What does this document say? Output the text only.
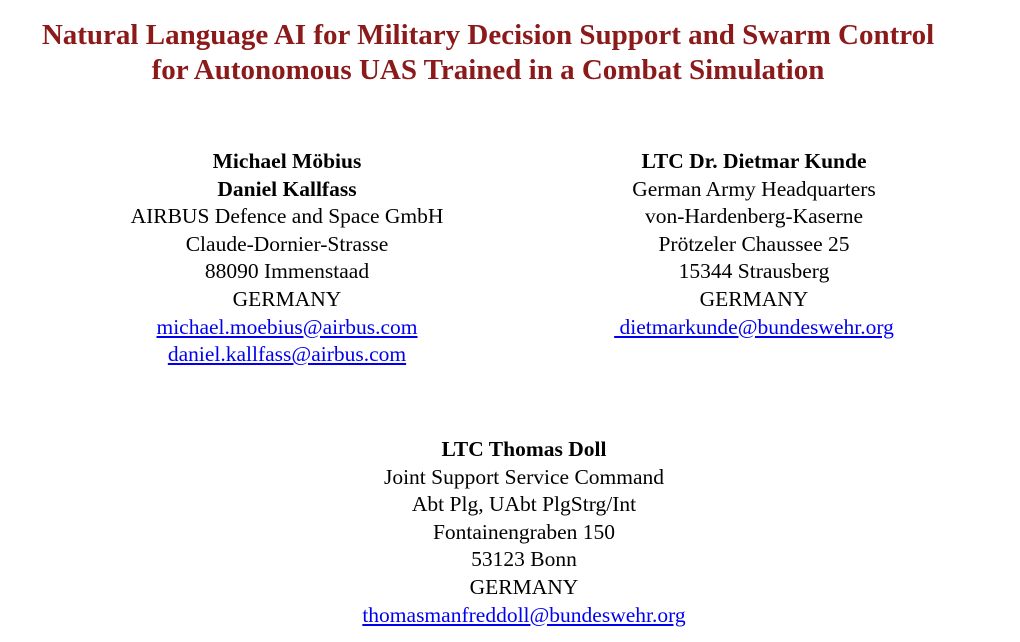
Natural Language AI for Military Decision Support and Swarm Control
for Autonomous UAS Trained in a Combat Simulation
Michael Möbius
Daniel Kallfass
AIRBUS Defence and Space GmbH
Claude-Dornier-Strasse
88090 Immenstaad
GERMANY
michael.moebius@airbus.com
daniel.kallfass@airbus.com
LTC Dr. Dietmar Kunde
German Army Headquarters
von-Hardenberg-Kaserne
Prötzeler Chaussee 25
15344 Strausberg
GERMANY
dietmarkunde@bundeswehr.org
LTC Thomas Doll
Joint Support Service Command
Abt Plg, UAbt PlgStrg/Int
Fontainengraben 150
53123 Bonn
GERMANY
thomasmanfreddoll@bundeswehr.org
